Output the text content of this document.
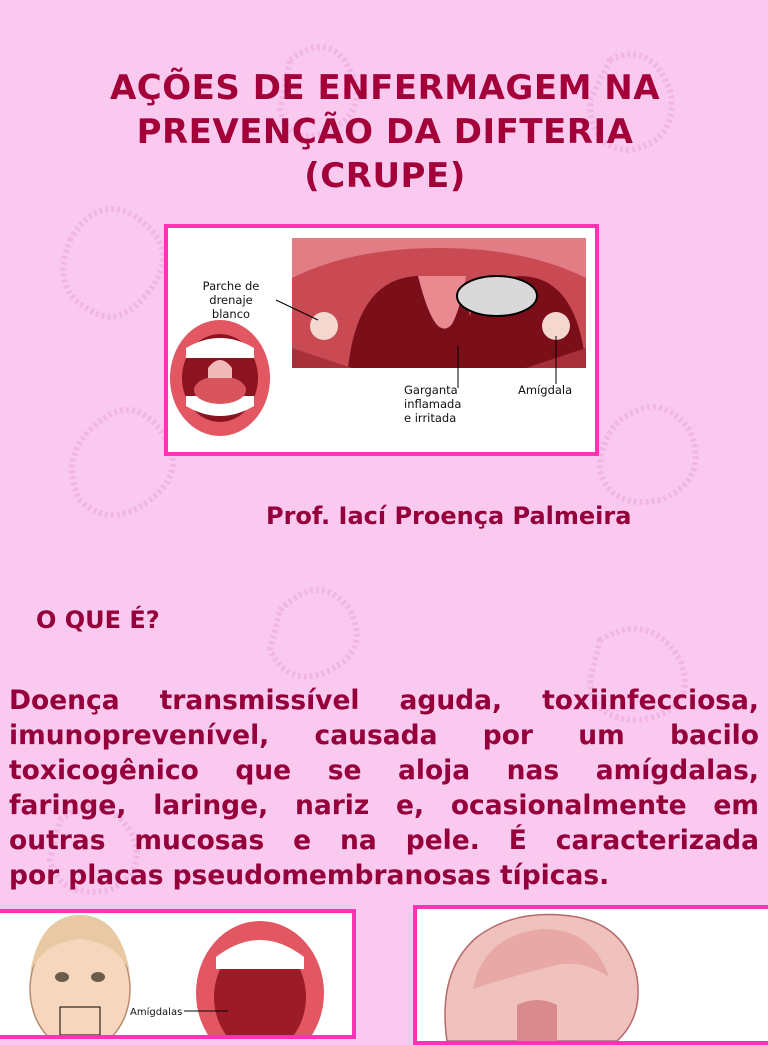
AÇÕES DE ENFERMAGEM NA
PREVENÇÃO DA DIFTERIA
(CRUPE)
Parche de
drenaje
blanco
Garganta
inflamada
e irritada
Amígdala
Prof. Iací Proença Palmeira
O QUE É?
Doença transmissível aguda, toxiinfecciosa,
imunoprevenível, causada por um bacilo
toxicogênico que se aloja nas amígdalas,
faringe, laringe, nariz e, ocasionalmente em
outras mucosas e na pele. É caracterizada
por placas pseudomembranosas típicas.
Amígdalas
